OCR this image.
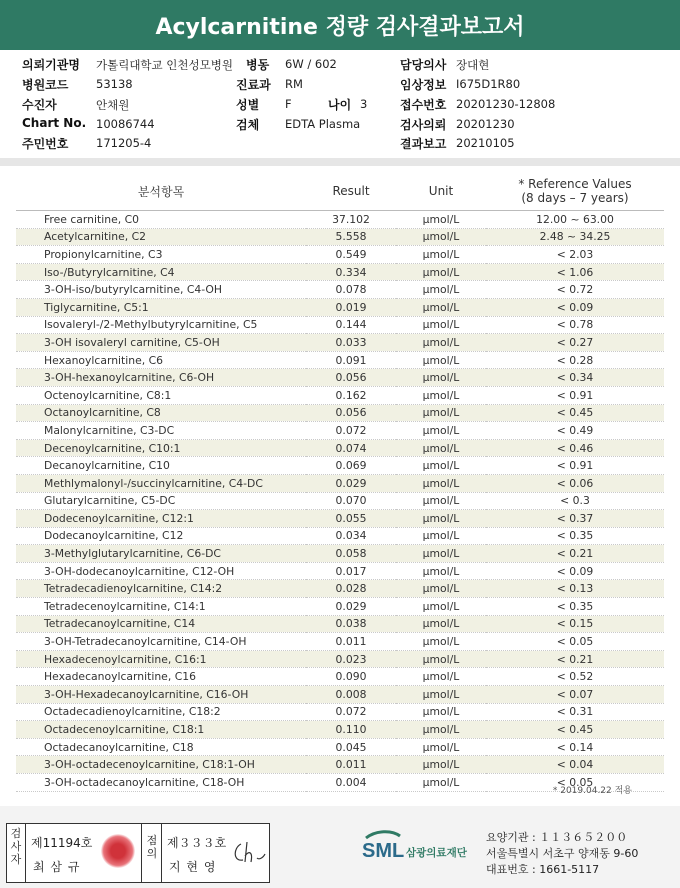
Acylcarnitine 정량 검사결과보고서
의뢰기관명 가톨릭대학교 인천성모병원 병동 6W / 602	담당의사 장대현
병원코드 53138	진료과 RM	임상정보 I675D1R80
수진자	안채원	성별 F	나이 3	접수번호 20201230-12808
Chart No. 10086744	검체 EDTA Plasma	검사의뢰 20201230
주민번호 171205-4	결과보고 20210105
분석항목	Result	Unit	* Reference Values
(8 days – 7 years)

Free carnitine, C0	37.102	μmol/L	12.00 ~ 63.00
Acetylcarnitine, C2	5.558	μmol/L	2.48 ~ 34.25
Propionylcarnitine, C3	0.549	μmol/L	< 2.03
Iso-/Butyrylcarnitine, C4	0.334	μmol/L	< 1.06
3-OH-iso/butyrylcarnitine, C4-OH	0.078	μmol/L	< 0.72
Tiglycarnitine, C5:1	0.019	μmol/L	< 0.09
Isovaleryl-/2-Methylbutyrylcarnitine, C5	0.144	μmol/L	< 0.78
3-OH isovaleryl carnitine, C5-OH	0.033	μmol/L	< 0.27
Hexanoylcarnitine, C6	0.091	μmol/L	< 0.28
3-OH-hexanoylcarnitine, C6-OH	0.056	μmol/L	< 0.34
Octenoylcarnitine, C8:1	0.162	μmol/L	< 0.91
Octanoylcarnitine, C8	0.056	μmol/L	< 0.45
Malonylcarnitine, C3-DC	0.072	μmol/L	< 0.49
Decenoylcarnitine, C10:1	0.074	μmol/L	< 0.46
Decanoylcarnitine, C10	0.069	μmol/L	< 0.91
Methlymalonyl-/succinylcarnitine, C4-DC	0.029	μmol/L	< 0.06
Glutarylcarnitine, C5-DC	0.070	μmol/L	< 0.3
Dodecenoylcarnitine, C12:1	0.055	μmol/L	< 0.37
Dodecanoylcarnitine, C12	0.034	μmol/L	< 0.35
3-Methylglutarylcarnitine, C6-DC	0.058	μmol/L	< 0.21
3-OH-dodecanoylcarnitine, C12-OH	0.017	μmol/L	< 0.09
Tetradecadienoylcarnitine, C14:2	0.028	μmol/L	< 0.13
Tetradecenoylcarnitine, C14:1	0.029	μmol/L	< 0.35
Tetradecanoylcarnitine, C14	0.038	μmol/L	< 0.15
3-OH-Tetradecanoylcarnitine, C14-OH	0.011	μmol/L	< 0.05
Hexadecenoylcarnitine, C16:1	0.023	μmol/L	< 0.21
Hexadecanoylcarnitine, C16	0.090	μmol/L	< 0.52
3-OH-Hexadecanoylcarnitine, C16-OH	0.008	μmol/L	< 0.07
Octadecadienoylcarnitine, C18:2	0.072	μmol/L	< 0.31
Octadecenoylcarnitine, C18:1	0.110	μmol/L	< 0.45
Octadecanoylcarnitine, C18	0.045	μmol/L	< 0.14
3-OH-octadecenoylcarnitine, C18:1-OH	0.011	μmol/L	< 0.04
3-OH-octadecanoylcarnitine, C18-OH	0.004	μmol/L	< 0.05
* 2019.04.22 적용
검사자
제11194호
최 삼 규
점의
제３３３호
지 현 영
SML 삼광의료재단
요양기관 : １１３６５２００
서울특별시 서초구 양재동 9-60
대표번호 : 1661-5117
